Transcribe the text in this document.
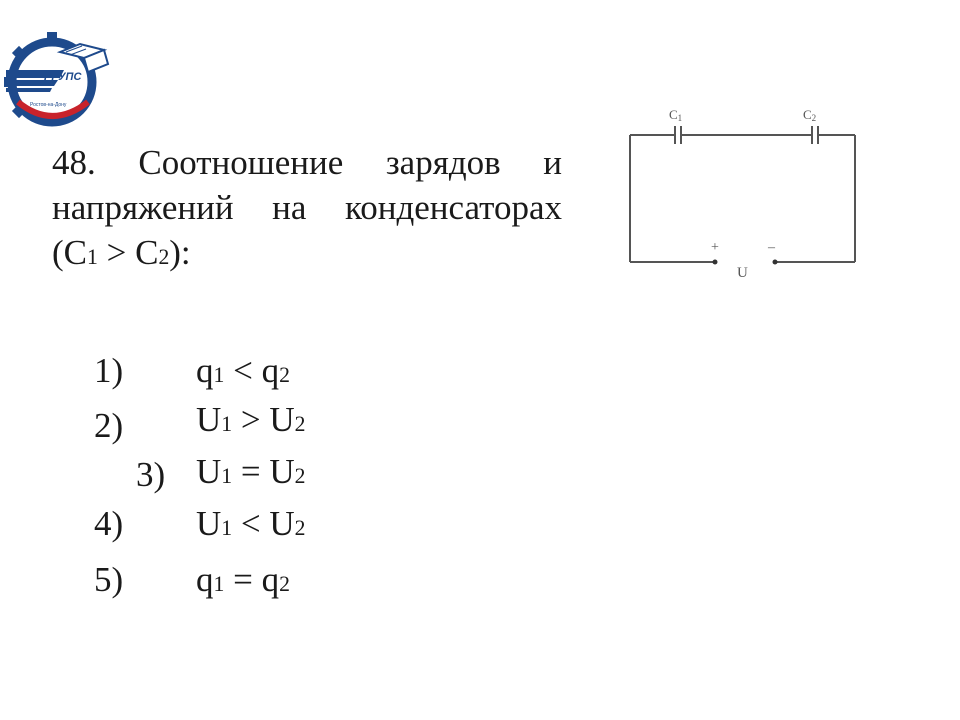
РГУПС
Ростов-на-Дону
48. Соотношение зарядов и напряжений на конденсаторах
(C1 > C2):
C1	C2
+	–
U
1) q1 < q2
2) U1 > U2
3) U1 = U2
4) U1 < U2
5) q1 = q2
